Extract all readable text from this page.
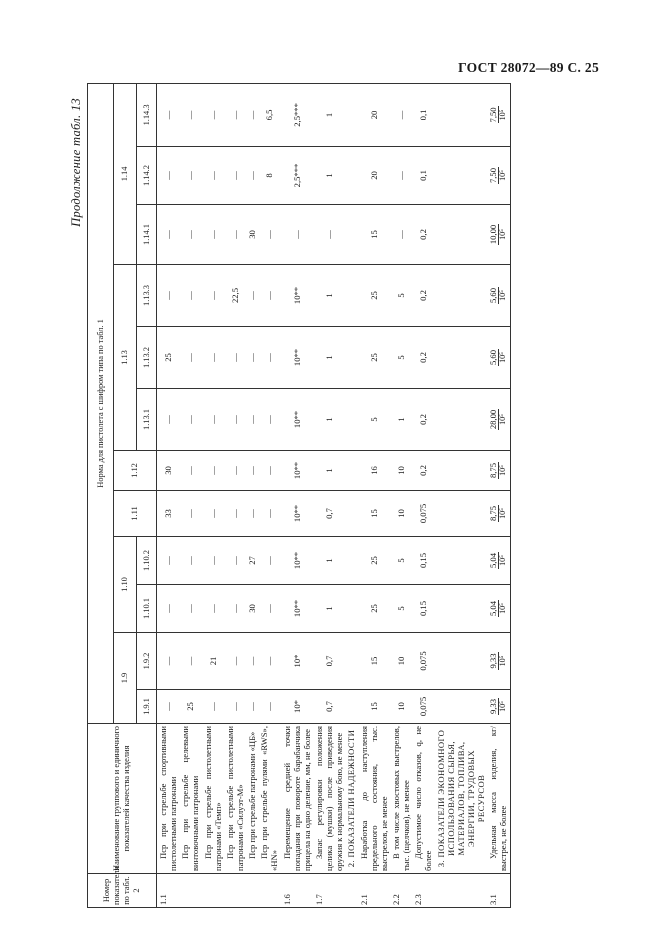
ГОСТ 28072—89 С. 25
Продолжение табл. 13
Номер показателя по табл. 2	Наименование группового и единичного показателей качества изделия	Норма для пистолета с шифром типа по табл. 1											
		1.9		1.10		1.11	1.12	1.13			1.14		
		1.9.1	1.9.2	1.10.1	1.10.2			1.13.1	1.13.2	1.13.3	1.14.1	1.14.2	1.14.3
1.1	Пср при стрельбе спортивными пистолетными патронами	—	—	—	—	33	30	—	25	—	—	—	—

	Пср при стрельбе целевыми винтовочными патронами	25	—	—	—	—	—	—	—	—	—	—	—

	Пср при стрельбе пистолетными патронами «Темп»	—	21	—	—	—	—	—	—	—	—	—	—

	Пср при стрельбе пистолетными патронами «Силуэт-М»	—	—	—	—	—	—	—	—	22,5	—	—	—

	Пср при стрельбе патронами «ЦБ»	—	—	30	27	—	—	—	—	—	30	—	—

	Пср при стрельбе пулями «RWS», «HN»	—	—	—	—	—	—	—	—	—	—	8	6,5
1.6	Перемещение средней точки попадания при повороте барабанчика прицела на одно деление, мм, не более	10*	10*	10**	10**	10**	10**	10**	10**	10**	—	2,5***	2,5***
1.7	Запас регулировки положения целика (мушки) после приведения оружия к нормальному бою, не менее	0,7	0,7	1	1	0,7	1	1	1	1	—	1	1

	2. ПОКАЗАТЕЛИ НАДЕЖНОСТИ												

2.1	Наработка до наступления предельного состояния, тыс. выстрелов, не менее	15	15	25	25	15	16	5	25	25	15	20	20
2.2	В том числе хвостовых выстрелов, тыс. (щелчков), не менее	10	10	5	5	10	10	1	5	5	—	—	—
2.3	Допустимое число отказов, q, не более	0,075	0,075	0,15	0,15	0,075	0,2	0,2	0,2	0,2	0,2	0,1	0,1

	3. ПОКАЗАТЕЛИ ЭКОНОМНОГО ИСПОЛЬЗОВАНИЯ СЫРЬЯ, МАТЕРИАЛОВ, ТОПЛИВА, ЭНЕРГИИ, ТРУДОВЫХ РЕСУРСОВ												

3.1	Удельная масса изделия, кг/выстрел, не более	9,33 10⁵	9,33 10⁵	5,04 10⁵	5,04 10⁵	8,75 10⁵	8,75 10⁵	28,00 10⁵	5,60 10⁵	5,60 10⁵	10,00 10⁵	7,50 10⁵	7,50 10⁵
